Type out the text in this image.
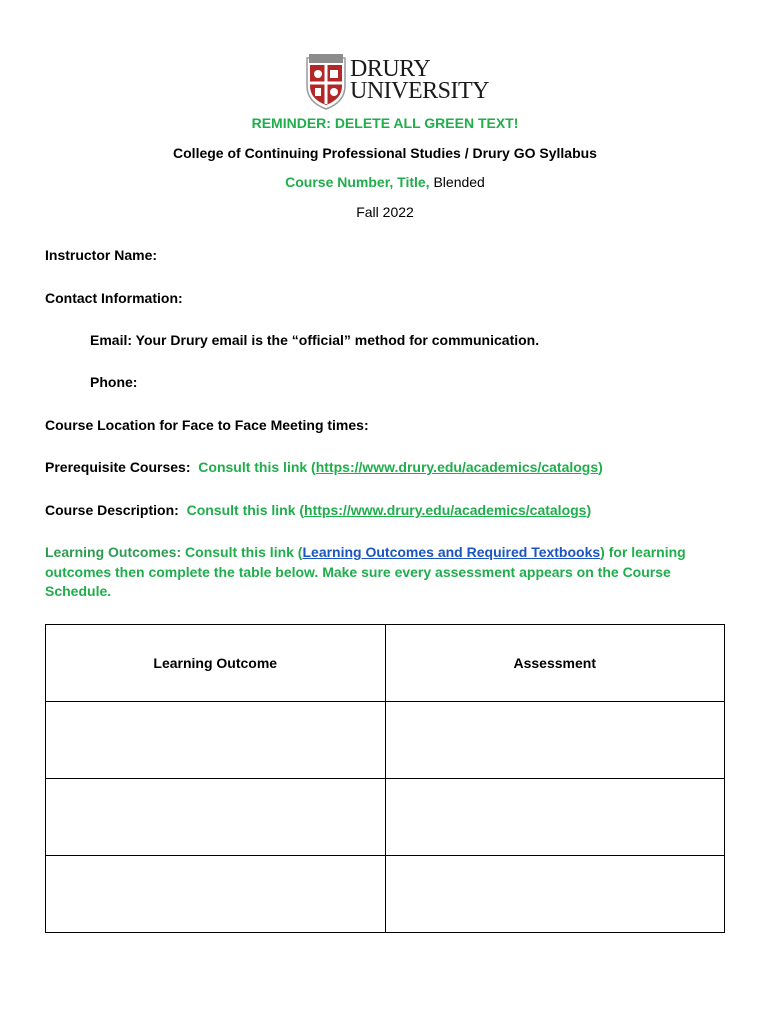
DRURY
UNIVERSITY
REMINDER: DELETE ALL GREEN TEXT!
College of Continuing Professional Studies / Drury GO Syllabus
Course Number, Title, Blended
Fall 2022
Instructor Name:
Contact Information:
Email: Your Drury email is the “official” method for communication.
Phone:
Course Location for Face to Face Meeting times:
Prerequisite Courses: Consult this link (https://www.drury.edu/academics/catalogs)
Course Description: Consult this link (https://www.drury.edu/academics/catalogs)
Learning Outcomes: Consult this link (Learning Outcomes and Required Textbooks) for learning outcomes then complete the table below. Make sure every assessment appears on the Course Schedule.
Learning Outcome	Assessment
